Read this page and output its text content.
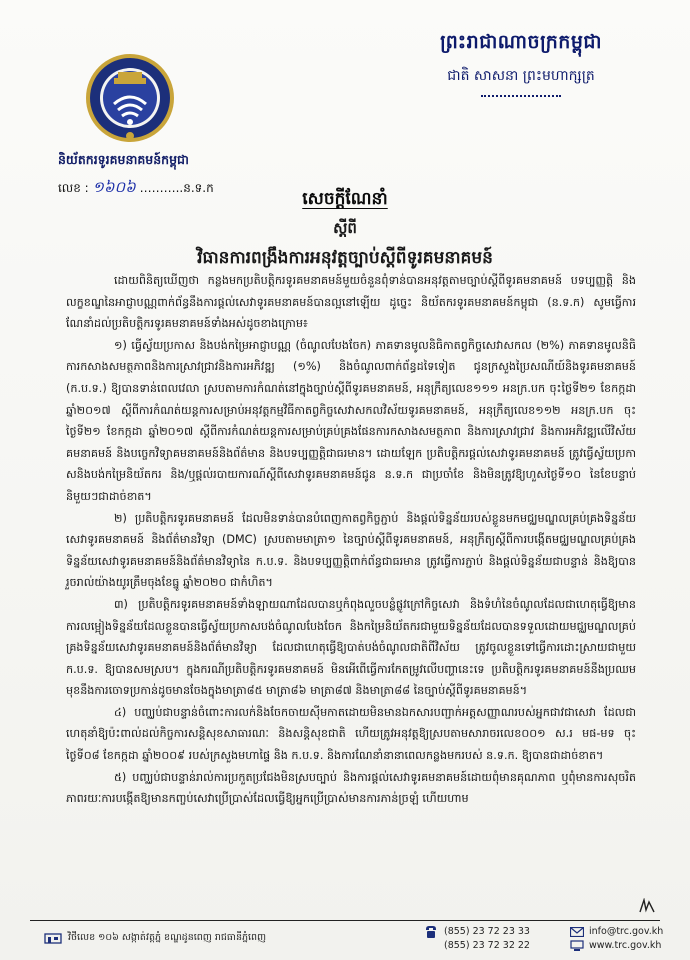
ព្រះរាជាណាចក្រកម្ពុជា
ជាតិ សាសនា ព្រះមហាក្សត្រ
និយ័តករទូរគមនាគមន៍កម្ពុជា
លេខ : ១៦០៦ ………..ន.ទ.ក
សេចក្តីណែនាំ
ស្តីពី
វិធានការពង្រឹងការអនុវត្តច្បាប់ស្តីពីទូរគមនាគមន៍

ដោយពិនិត្យឃើញថា កន្លងមកប្រតិបត្តិករទូរគមនាគមន៍មួយចំនួនពុំទាន់បានអនុវត្តតាមច្បាប់ស្តីពីទូរគមនាគមន៍ បទប្បញ្ញត្តិ និងលក្ខខណ្ឌនៃអាជ្ញាបណ្ណពាក់ព័ន្ធនឹងការផ្តល់សេវាទូរគមនាគមន៍បានល្អនៅឡើយ ដូច្នេះ និយ័តករទូរគមនាគមន៍កម្ពុជា (ន.ទ.ក) សូមធ្វើការណែនាំដល់ប្រតិបត្តិករទូរគមនាគមន៍ទាំងអស់ដូចខាងក្រោម៖

១) ធ្វើស្វ័យប្រកាស និងបង់កម្រៃអាជ្ញាបណ្ណ (ចំណូលបែងចែក) ភាគទានមូលនិធិកាតព្វកិច្ចសេវាសកល (២%) ភាគទានមូលនិធិការកសាងសមត្ថភាពនិងការស្រាវជ្រាវនិងការអភិវឌ្ឍ (១%) និងចំណូលពាក់ព័ន្ធដទៃទៀត ជូនក្រសួងប្រៃសណីយ៍និងទូរគមនាគមន៍ (ក.ប.ទ.) ឱ្យបានទាន់ពេលវេលា ស្របតាមការកំណត់នៅក្នុងច្បាប់ស្តីពីទូរគមនាគមន៍, អនុក្រឹត្យលេខ១១១ អនក្រ.បក ចុះថ្ងៃទី២១ ខែកក្កដា ឆ្នាំ២០១៧ ស្តីពីការកំណត់យន្តការសម្រាប់អនុវត្តកម្មវិធីកាតព្វកិច្ចសេវាសកលវិស័យទូរគមនាគមន៍, អនុក្រឹត្យលេខ១១២ អនក្រ.បក ចុះថ្ងៃទី២១ ខែកក្កដា ឆ្នាំ២០១៧ ស្តីពីការកំណត់យន្តការសម្រាប់គ្រប់គ្រងផែនការកសាងសមត្ថភាព និងការស្រាវជ្រាវ និងការអភិវឌ្ឍលើវិស័យគមនាគមន៍ និងបច្ចេកវិទ្យាគមនាគមន៍និងព័ត៌មាន និងបទប្បញ្ញត្តិជាធរមាន។ ដោយឡែក ប្រតិបត្តិករផ្តល់សេវាទូរគមនាគមន៍ ត្រូវធ្វើស្វ័យប្រកាសនិងបង់កម្រៃនិយ័តករ និង/ឬផ្តល់របាយការណ៍ស្តីពីសេវាទូរគមនាគមន៍ជូន ន.ទ.ក ជាប្រចាំខែ និងមិនត្រូវឱ្យហួសថ្ងៃទី១០ នៃខែបន្ទាប់និមួយៗជាដាច់ខាត។

២) ប្រតិបត្តិករទូរគមនាគមន៍ ដែលមិនទាន់បានបំពេញកាតព្វកិច្ចភ្ជាប់ និងផ្តល់ទិន្នន័យរបស់ខ្លួនមកមជ្ឈមណ្ឌលគ្រប់គ្រងទិន្នន័យសេវាទូរគមនាគមន៍ និងព័ត៌មានវិទ្យា (DMC) ស្របតាមមាត្រា១ នៃច្បាប់ស្តីពីទូរគមនាគមន៍, អនុក្រឹត្យស្តីពីការបង្កើតមជ្ឈមណ្ឌលគ្រប់គ្រងទិន្នន័យសេវាទូរគមនាគមន៍និងព័ត៌មានវិទ្យានៃ ក.ប.ទ. និងបទប្បញ្ញត្តិពាក់ព័ន្ធជាធរមាន ត្រូវធ្វើការភ្ជាប់ និងផ្តល់ទិន្នន័យជាបន្ទាន់ និងឱ្យបានរួចរាល់យ៉ាងយូរត្រឹមចុងខែធ្នូ ឆ្នាំ២០២០ ជាកំហិត។

៣) ប្រតិបត្តិករទូរគមនាគមន៍ទាំងឡាយណាដែលបានឬកំពុងលួចបន្លំផ្លូវក្រៅកិច្ចសេវា និងទំហំនៃចំណូលដែលជាហេតុធ្វើឱ្យមានការលម្អៀងទិន្នន័យដែលខ្លួនបានធ្វើស្វ័យប្រកាសបង់ចំណូលបែងចែក និងកម្រៃនិយ័តករជាមួយទិន្នន័យដែលបានទទួលដោយមជ្ឈមណ្ឌលគ្រប់គ្រងទិន្នន័យសេវាទូរគមនាគមន៍និងព័ត៌មានវិទ្យា ដែលជាហេតុធ្វើឱ្យបាត់បង់ចំណូលជាតិពីវិស័យ ត្រូវចូលខ្លួនទៅធ្វើការដោះស្រាយជាមួយ ក.ប.ទ. ឱ្យបានសមស្រប។ ក្នុងករណីប្រតិបត្តិករទូរគមនាគមន៍ មិនអើពើធ្វើការកែតម្រូវលើបញ្ហានេះទេ ប្រតិបត្តិករទូរគមនាគមន៍នឹងប្រឈមមុខនឹងការចោទប្រកាន់ដូចមានចែងក្នុងមាត្រា៨៥ មាត្រា៨៦ មាត្រា៨៧ និងមាត្រា៨៨ នៃច្បាប់ស្តីពីទូរគមនាគមន៍។

៤) បញ្ឈប់ជាបន្ទាន់ចំពោះការលក់និងចែកចាយស៊ីមកាតដោយមិនមានឯកសារបញ្ជាក់អត្តសញ្ញាណរបស់អ្នកជាវជាសេវា ដែលជាហេតុនាំឱ្យប៉ះពាល់ដល់កិច្ចការសន្តិសុខសាធារណៈ និងសន្តិសុខជាតិ ហើយត្រូវអនុវត្តឱ្យស្របតាមសារាចរលេខ០០១ ស.រ មផ-មទ ចុះថ្ងៃទី០៨ ខែកក្កដា ឆ្នាំ២០០៩ របស់ក្រសួងមហាផ្ទៃ និង ក.ប.ទ. និងការណែនាំនានាពេលកន្លងមករបស់ ន.ទ.ក. ឱ្យបានជាដាច់ខាត។

៥) បញ្ឈប់ជាបន្ទាន់រាល់ការប្រកួតប្រជែងមិនស្របច្បាប់ និងការផ្តល់សេវាទូរគមនាគមន៍ដោយពុំមានគុណភាព ឬពុំមានការសុចរិតភាពរយៈការបង្កើតឱ្យមានកញ្ចប់សេវាប្រើប្រាស់ដែលធ្វើឱ្យអ្នកប្រើប្រាស់មានការភាន់ច្រឡំ ហើយហាម

វិថីលេខ ១០៦ សង្កាត់វត្តភ្នំ ខណ្ឌដូនពេញ រាជធានីភ្នំពេញ
(855) 23 72 23 33
(855) 23 72 32 22
info@trc.gov.kh
www.trc.gov.kh
